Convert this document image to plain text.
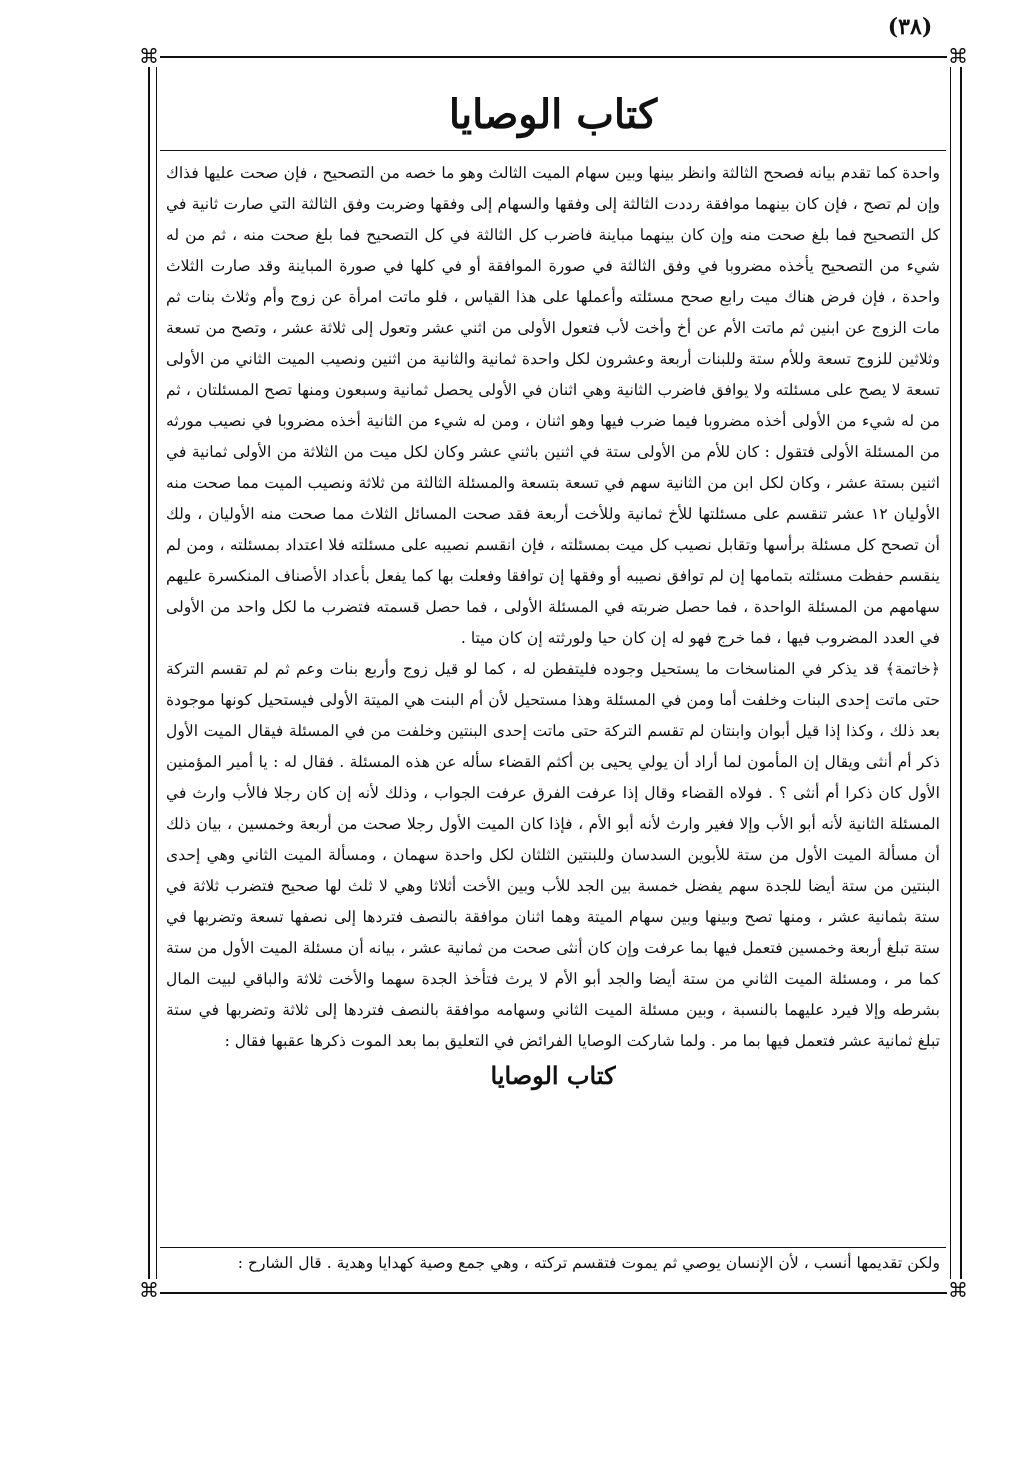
(٣٨)
⌘	⌘
⌘	⌘
كتاب الوصايا

واحدة كما تقدم بيانه فصحح الثالثة وانظر بينها وبين سهام الميت الثالث وهو ما خصه من التصحيح ، فإن صحت عليها فذاك وإن لم تصح ، فإن كان بينهما موافقة رددت الثالثة إلى وفقها والسهام إلى وفقها وضربت وفق الثالثة التي صارت ثانية في كل التصحيح فما بلغ صحت منه وإن كان بينهما مباينة فاضرب كل الثالثة في كل التصحيح فما بلغ صحت منه ، ثم من له شيء من التصحيح يأخذه مضروبا في وفق الثالثة في صورة الموافقة أو في كلها في صورة المباينة وقد صارت الثلاث واحدة ، فإن فرض هناك ميت رابع صحح مسئلته وأعملها على هذا القياس ، فلو ماتت امرأة عن زوج وأم وثلاث بنات ثم مات الزوج عن ابنين ثم ماتت الأم عن أخ وأخت لأب فتعول الأولى من اثني عشر وتعول إلى ثلاثة عشر ، وتصح من تسعة وثلاثين للزوج تسعة وللأم ستة وللبنات أربعة وعشرون لكل واحدة ثمانية والثانية من اثنين ونصيب الميت الثاني من الأولى تسعة لا يصح على مسئلته ولا يوافق فاضرب الثانية وهي اثنان في الأولى يحصل ثمانية وسبعون ومنها تصح المسئلتان ، ثم من له شيء من الأولى أخذه مضروبا فيما ضرب فيها وهو اثنان ، ومن له شيء من الثانية أخذه مضروبا في نصيب مورثه من المسئلة الأولى فتقول : كان للأم من الأولى ستة في اثنين باثني عشر وكان لكل ميت من الثلاثة من الأولى ثمانية في اثنين بستة عشر ، وكان لكل ابن من الثانية سهم في تسعة بتسعة والمسئلة الثالثة من ثلاثة ونصيب الميت مما صحت منه الأوليان ١٢ عشر تنقسم على مسئلتها للأخ ثمانية وللأخت أربعة فقد صحت المسائل الثلاث مما صحت منه الأوليان ، ولك أن تصحح كل مسئلة برأسها وتقابل نصيب كل ميت بمسئلته ، فإن انقسم نصيبه على مسئلته فلا اعتداد بمسئلته ، ومن لم ينقسم حفظت مسئلته بتمامها إن لم توافق نصيبه أو وفقها إن توافقا وفعلت بها كما يفعل بأعداد الأصناف المنكسرة عليهم سهامهم من المسئلة الواحدة ، فما حصل ضربته في المسئلة الأولى ، فما حصل قسمته فتضرب ما لكل واحد من الأولى في العدد المضروب فيها ، فما خرج فهو له إن كان حيا ولورثته إن كان ميتا .

﴿خاتمة﴾ قد يذكر في المناسخات ما يستحيل وجوده فليتفطن له ، كما لو قيل زوج وأربع بنات وعم ثم لم تقسم التركة حتى ماتت إحدى البنات وخلفت أما ومن في المسئلة وهذا مستحيل لأن أم البنت هي الميتة الأولى فيستحيل كونها موجودة بعد ذلك ، وكذا إذا قيل أبوان وابنتان لم تقسم التركة حتى ماتت إحدى البنتين وخلفت من في المسئلة فيقال الميت الأول ذكر أم أنثى ويقال إن المأمون لما أراد أن يولي يحيى بن أكثم القضاء سأله عن هذه المسئلة . فقال له : يا أمير المؤمنين الأول كان ذكرا أم أنثى ؟ . فولاه القضاء وقال إذا عرفت الفرق عرفت الجواب ، وذلك لأنه إن كان رجلا فالأب وارث في المسئلة الثانية لأنه أبو الأب وإلا فغير وارث لأنه أبو الأم ، فإذا كان الميت الأول رجلا صحت من أربعة وخمسين ، بيان ذلك أن مسألة الميت الأول من ستة للأبوين السدسان وللبنتين الثلثان لكل واحدة سهمان ، ومسألة الميت الثاني وهي إحدى البنتين من ستة أيضا للجدة سهم يفضل خمسة بين الجد للأب وبين الأخت أثلاثا وهي لا ثلث لها صحيح فتضرب ثلاثة في ستة بثمانية عشر ، ومنها تصح وبينها وبين سهام الميتة وهما اثنان موافقة بالنصف فتردها إلى نصفها تسعة وتضربها في ستة تبلغ أربعة وخمسين فتعمل فيها بما عرفت وإن كان أنثى صحت من ثمانية عشر ، بيانه أن مسئلة الميت الأول من ستة كما مر ، ومسئلة الميت الثاني من ستة أيضا والجد أبو الأم لا يرث فتأخذ الجدة سهما والأخت ثلاثة والباقي لبيت المال بشرطه وإلا فيرد عليهما بالنسبة ، وبين مسئلة الميت الثاني وسهامه موافقة بالنصف فتردها إلى ثلاثة وتضربها في ستة تبلغ ثمانية عشر فتعمل فيها بما مر . ولما شاركت الوصايا الفرائض في التعليق بما بعد الموت ذكرها عقبها فقال :

كتاب الوصايا

ولكن تقديمها أنسب ، لأن الإنسان يوصي ثم يموت فتقسم تركته ، وهي جمع وصية كهدايا وهدية . قال الشارح :
